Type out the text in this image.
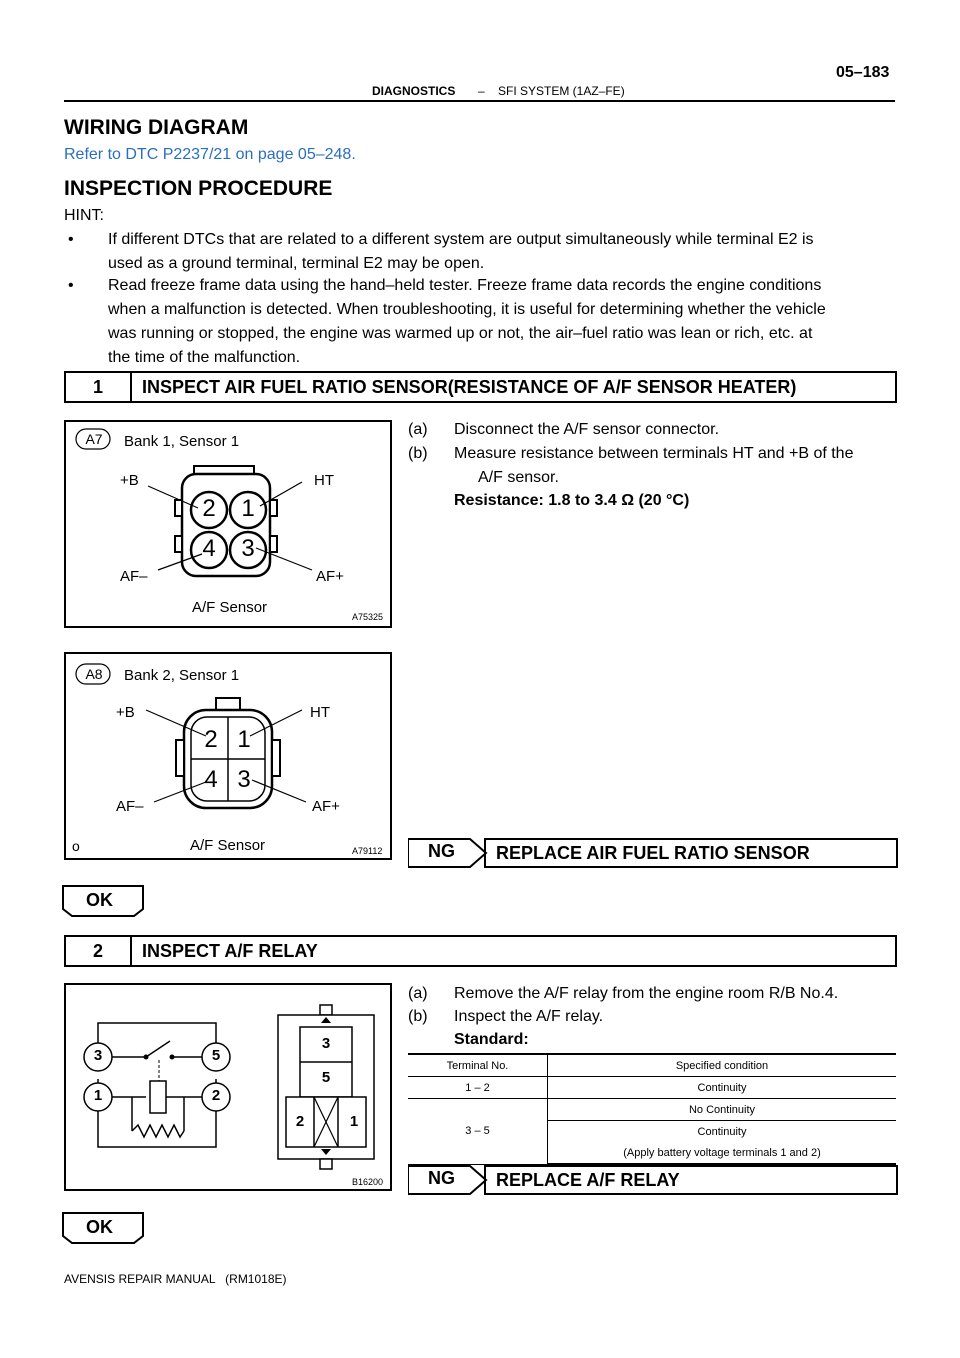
DIAGNOSTICS – SFI SYSTEM (1AZ–FE)
05–183
WIRING DIAGRAM
Refer to DTC P2237/21 on page 05–248.
INSPECTION PROCEDURE
HINT:
• If different DTCs that are related to a different system are output simultaneously while terminal E2 is
used as a ground terminal, terminal E2 may be open.
• Read freeze frame data using the hand–held tester. Freeze frame data records the engine conditions
when a malfunction is detected. When troubleshooting, it is useful for determining whether the vehicle
was running or stopped, the engine was warmed up or not, the air–fuel ratio was lean or rich, etc. at
the time of the malfunction.
1	INSPECT AIR FUEL RATIO SENSOR(RESISTANCE OF A/F SENSOR HEATER)
A7	Bank 1, Sensor 1
+B	HT
AF–	AF+
2 1
4 3
A/F Sensor
A75325
A8	Bank 2, Sensor 1
+B	HT
AF–	AF+
2 1
4 3
o	A/F Sensor	A79112
(a) Disconnect the A/F sensor connector.
(b) Measure resistance between terminals HT and +B of the
A/F sensor.
Resistance: 1.8 to 3.4 Ω (20 °C)
NG	REPLACE AIR FUEL RATIO SENSOR
OK
2	INSPECT A/F RELAY
3	5
1	2
3
5
2	1
B16200
(a) Remove the A/F relay from the engine room R/B No.4.
(b) Inspect the A/F relay.
Standard:
Terminal No.	Specified condition
1 – 2	Continuity
3 – 5	No Continuity
	Continuity
	(Apply battery voltage terminals 1 and 2)
NG	REPLACE A/F RELAY
OK
AVENSIS REPAIR MANUAL   (RM1018E)
